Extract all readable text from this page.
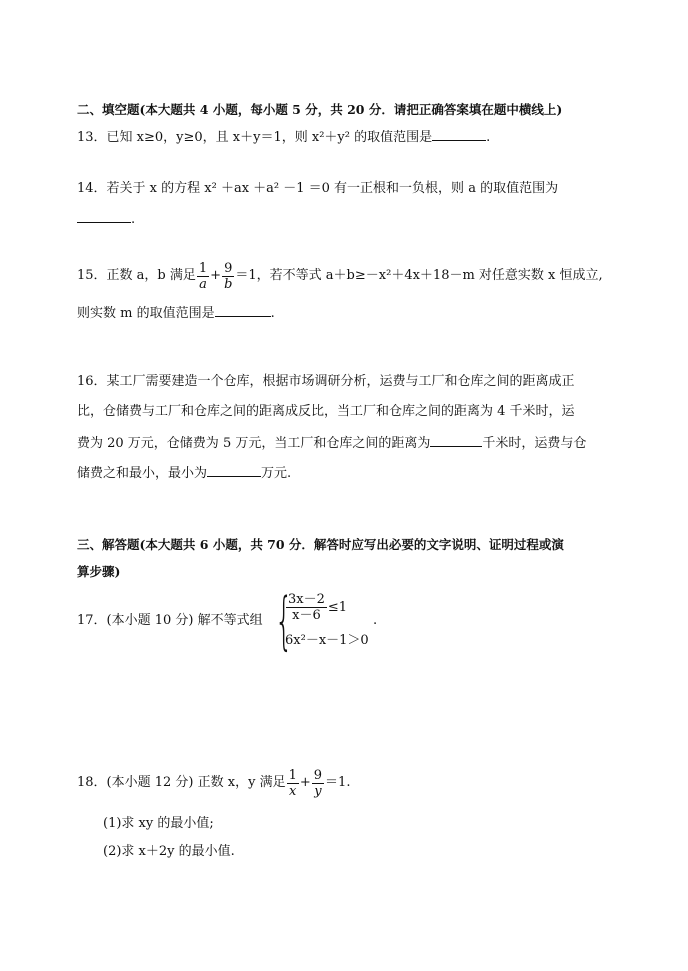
二、填空题(本大题共 4 小题，每小题 5 分，共 20 分．请把正确答案填在题中横线上)
13．已知 x≥0，y≥0，且 x＋y＝1，则 x²＋y² 的取值范围是	.
14．若关于 x 的方程 x² ＋ax ＋a² －1 ＝0 有一正根和一负根，则 a 的取值范围为
.
15．正数 a，b 满足 $\frac{1}{a} + \frac{9}{b} =1$，若不等式 a＋b≥－x²＋4x＋18－m 对任意实数 x 恒成立,
则实数 m 的取值范围是	.
16．某工厂需要建造一个仓库，根据市场调研分析，运费与工厂和仓库之间的距离成正
比，仓储费与工厂和仓库之间的距离成反比，当工厂和仓库之间的距离为 4 千米时，运
费为 20 万元，仓储费为 5 万元，当工厂和仓库之间的距离为	千米时，运费与仓
储费之和最小，最小为	万元.
三、解答题(本大题共 6 小题，共 70 分．解答时应写出必要的文字说明、证明过程或演
算步骤)
17．(本小题 10 分) 解不等式组 {
$\frac{3x-2}{x-6} \le 1$
6x²－x－1＞0
.
18．(本小题 12 分) 正数 x，y 满足 $\frac{1}{x} + \frac{9}{y} =1$.
(1)求 xy 的最小值;
(2)求 x＋2y 的最小值.
